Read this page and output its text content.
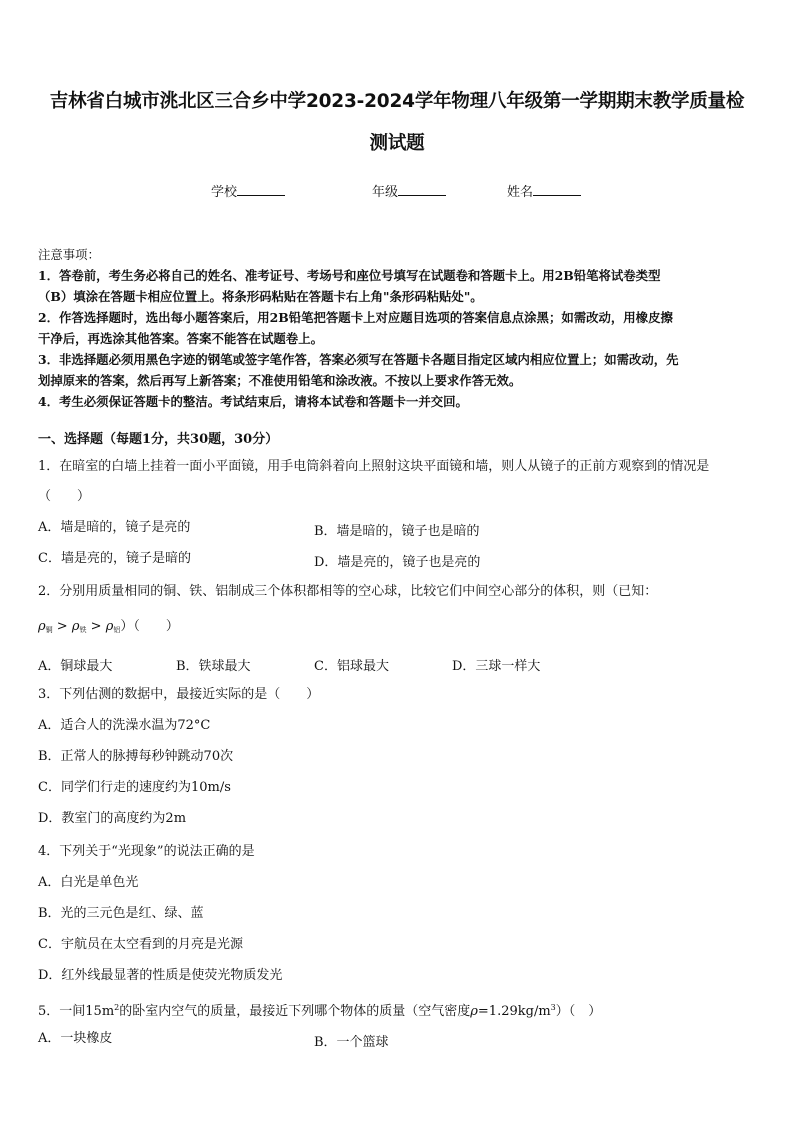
吉林省白城市洮北区三合乡中学2023-2024学年物理八年级第一学期期末教学质量检
测试题
学校	年级	姓名
注意事项：
1．答卷前，考生务必将自己的姓名、准考证号、考场号和座位号填写在试题卷和答题卡上。用2B铅笔将试卷类型
（B）填涂在答题卡相应位置上。将条形码粘贴在答题卡右上角"条形码粘贴处"。
2．作答选择题时，选出每小题答案后，用2B铅笔把答题卡上对应题目选项的答案信息点涂黑；如需改动，用橡皮擦
干净后，再选涂其他答案。答案不能答在试题卷上。
3．非选择题必须用黑色字迹的钢笔或签字笔作答，答案必须写在答题卡各题目指定区域内相应位置上；如需改动，先
划掉原来的答案，然后再写上新答案；不准使用铅笔和涂改液。不按以上要求作答无效。
4．考生必须保证答题卡的整洁。考试结束后，请将本试卷和答题卡一并交回。
一、选择题（每题1分，共30题，30分）
1．在暗室的白墙上挂着一面小平面镜，用手电筒斜着向上照射这块平面镜和墙，则人从镜子的正前方观察到的情况是
（　　）
A．墙是暗的，镜子是亮的	B．墙是暗的，镜子也是暗的
C．墙是亮的，镜子是暗的	D．墙是亮的，镜子也是亮的
2．分别用质量相同的铜、铁、铝制成三个体积都相等的空心球，比较它们中间空心部分的体积，则（已知：
$\rho_铜 > \rho_铁 > \rho_铝$）（　　）
A．铜球最大	B．铁球最大	C．铝球最大	D．三球一样大
3．下列估测的数据中，最接近实际的是（　　）
A．适合人的洗澡水温为72°C
B．正常人的脉搏每秒钟跳动70次
C．同学们行走的速度约为10m/s
D．教室门的高度约为2m
4．下列关于“光现象”的说法正确的是
A．白光是单色光
B．光的三元色是红、绿、蓝
C．宇航员在太空看到的月亮是光源
D．红外线最显著的性质是使荧光物质发光
5．一间$15m^2$的卧室内空气的质量，最接近下列哪个物体的质量（空气密度$\rho=1.29kg/m^3$）（　）
A．一块橡皮	B．一个篮球
